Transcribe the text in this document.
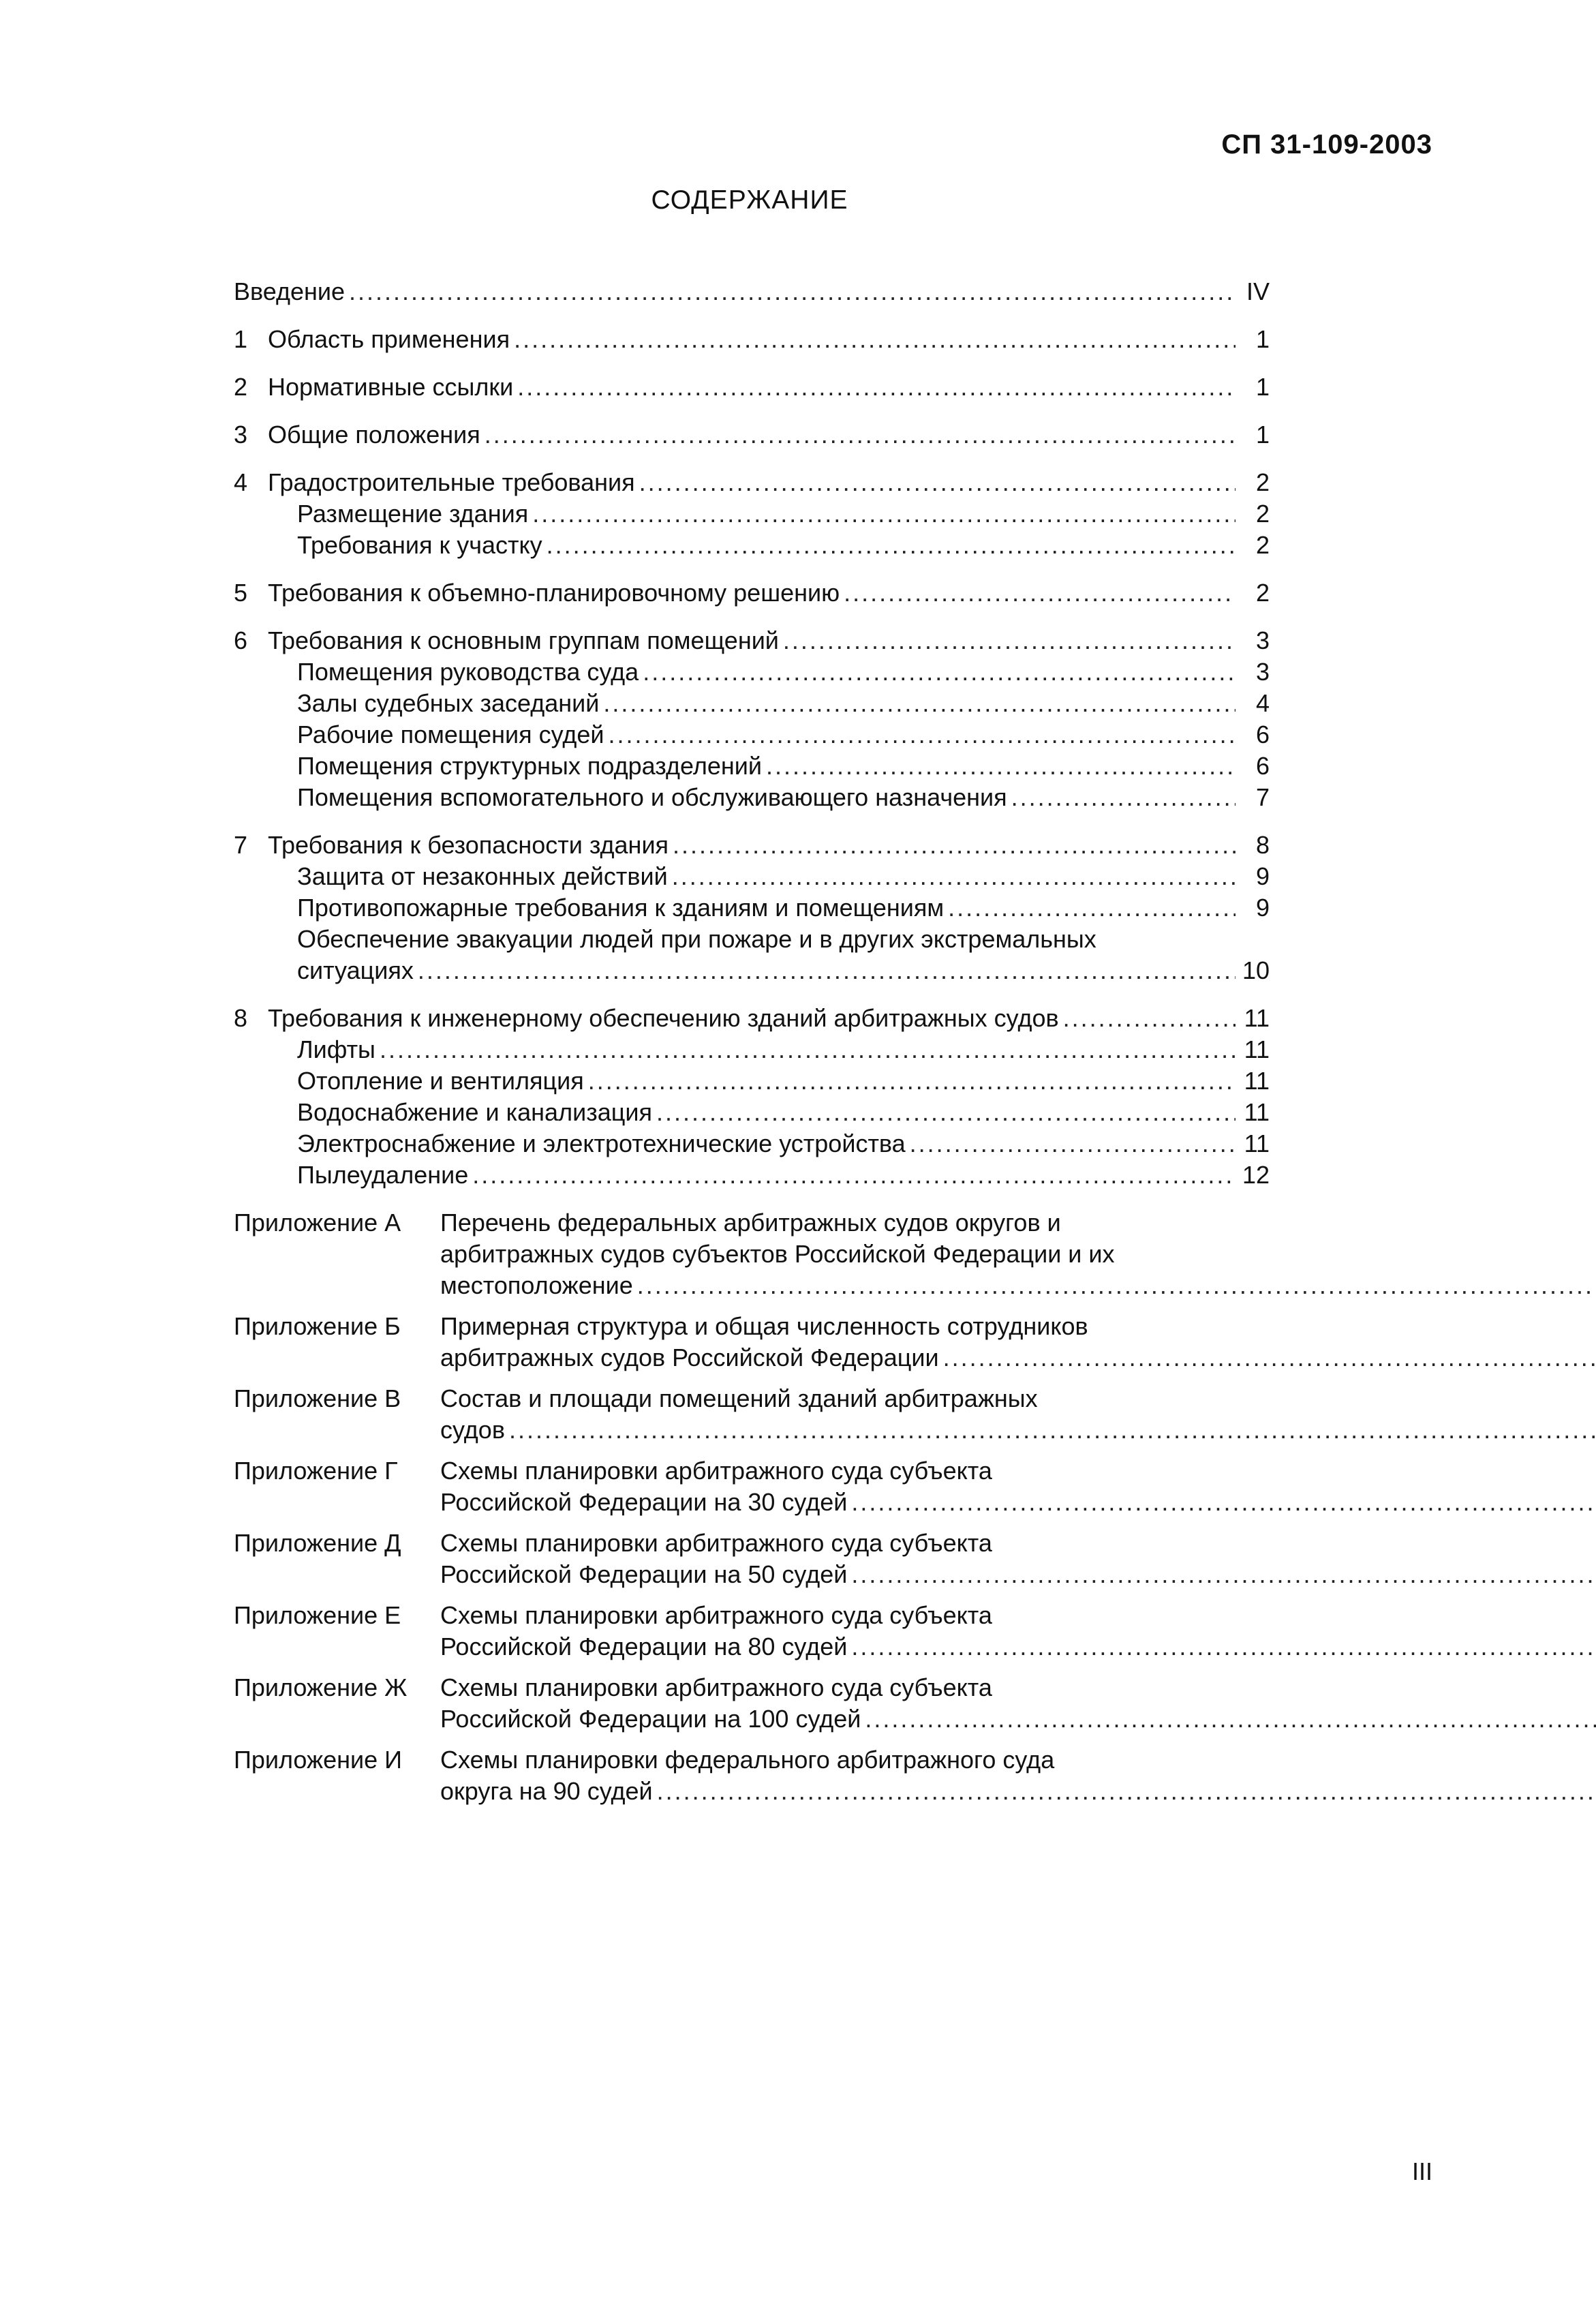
СП 31-109-2003
СОДЕРЖАНИЕ
Введение .....	IV
1 Область применения .....	1
2 Нормативные ссылки .....	1
3 Общие положения .....	1
4 Градостроительные требования .....	2
Размещение здания .....	2
Требования к участку .....	2
5 Требования к объемно-планировочному решению .....	2
6 Требования к основным группам помещений .....	3
Помещения руководства суда .....	3
Залы судебных заседаний .....	4
Рабочие помещения судей .....	6
Помещения структурных подразделений .....	6
Помещения вспомогательного и обслуживающего назначения .....	7
7 Требования к безопасности здания .....	8
Защита от незаконных действий .....	9
Противопожарные требования к зданиям и помещениям .....	9
Обеспечение эвакуации людей при пожаре и в других экстремальных
ситуациях .....	10
8 Требования к инженерному обеспечению зданий арбитражных судов .....	11
Лифты .....	11
Отопление и вентиляция .....	11
Водоснабжение и канализация .....	11
Электроснабжение и электротехнические устройства .....	11
Пылеудаление .....	12
Приложение А	Перечень федеральных арбитражных судов округов и
арбитражных судов субъектов Российской Федерации и их
местоположение
.....
Приложение Б	Примерная структура и общая численность сотрудников
арбитражных судов Российской Федерации
.....
Приложение В	Состав и площади помещений зданий арбитражных
судов
.....
Приложение Г	Схемы планировки арбитражного суда субъекта
Российской Федерации на 30 судей
.....
Приложение Д	Схемы планировки арбитражного суда субъекта
Российской Федерации на 50 судей
.....
Приложение Е	Схемы планировки арбитражного суда субъекта
Российской Федерации на 80 судей
.....
Приложение Ж	Схемы планировки арбитражного суда субъекта
Российской Федерации на 100 судей
.....
Приложение И	Схемы планировки федерального арбитражного суда
округа на 90 судей
.....
III
